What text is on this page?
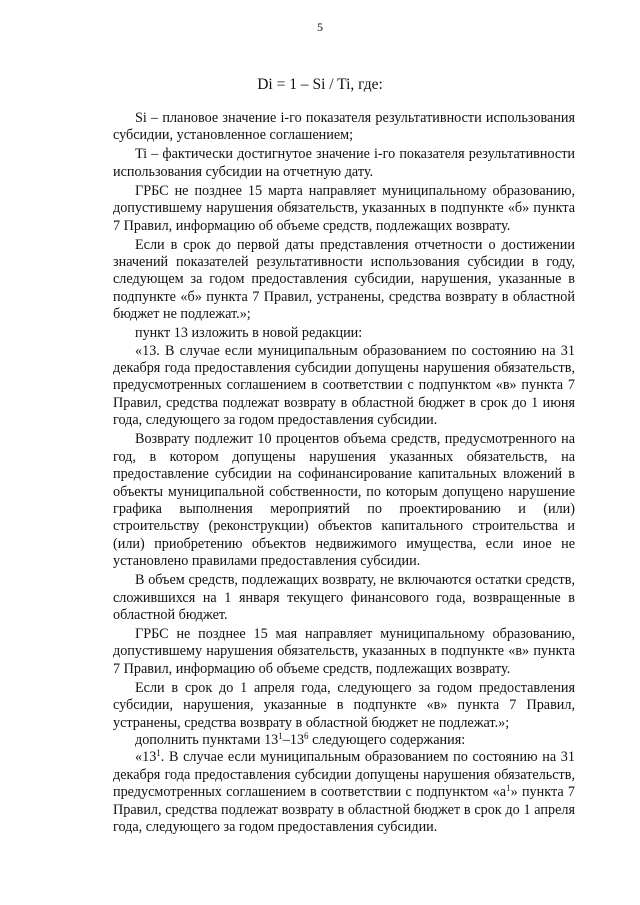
5
Di = 1 – Si / Ti, где:

Si – плановое значение i-го показателя результативности использования субсидии, установленное соглашением;

Ti – фактически достигнутое значение i-го показателя результативности использования субсидии на отчетную дату.

ГРБС не позднее 15 марта направляет муниципальному образованию, допустившему нарушения обязательств, указанных в подпункте «б» пункта 7 Правил, информацию об объеме средств, подлежащих возврату.

Если в срок до первой даты представления отчетности о достижении значений показателей результативности использования субсидии в году, следующем за годом предоставления субсидии, нарушения, указанные в подпункте «б» пункта 7 Правил, устранены, средства возврату в областной бюджет не подлежат.»;

пункт 13 изложить в новой редакции:

«13. В случае если муниципальным образованием по состоянию на 31 декабря года предоставления субсидии допущены нарушения обязательств, предусмотренных соглашением в соответствии с подпунктом «в» пункта 7 Правил, средства подлежат возврату в областной бюджет в срок до 1 июня года, следующего за годом предоставления субсидии.

Возврату подлежит 10 процентов объема средств, предусмотренного на год, в котором допущены нарушения указанных обязательств, на предоставление субсидии на софинансирование капитальных вложений в объекты муниципальной собственности, по которым допущено нарушение графика выполнения мероприятий по проектированию и (или) строительству (реконструкции) объектов капитального строительства и (или) приобретению объектов недвижимого имущества, если иное не установлено правилами предоставления субсидии.

В объем средств, подлежащих возврату, не включаются остатки средств, сложившихся на 1 января текущего финансового года, возвращенные в областной бюджет.

ГРБС не позднее 15 мая направляет муниципальному образованию, допустившему нарушения обязательств, указанных в подпункте «в» пункта 7 Правил, информацию об объеме средств, подлежащих возврату.

Если в срок до 1 апреля года, следующего за годом предоставления субсидии, нарушения, указанные в подпункте «в» пункта 7 Правил, устранены, средства возврату в областной бюджет не подлежат.»;

дополнить пунктами $13^1-13^6$ следующего содержания:

«$13^1$. В случае если муниципальным образованием по состоянию на 31 декабря года предоставления субсидии допущены нарушения обязательств, предусмотренных соглашением в соответствии с подпунктом «$а^1$» пункта 7 Правил, средства подлежат возврату в областной бюджет в срок до 1 апреля года, следующего за годом предоставления субсидии.
